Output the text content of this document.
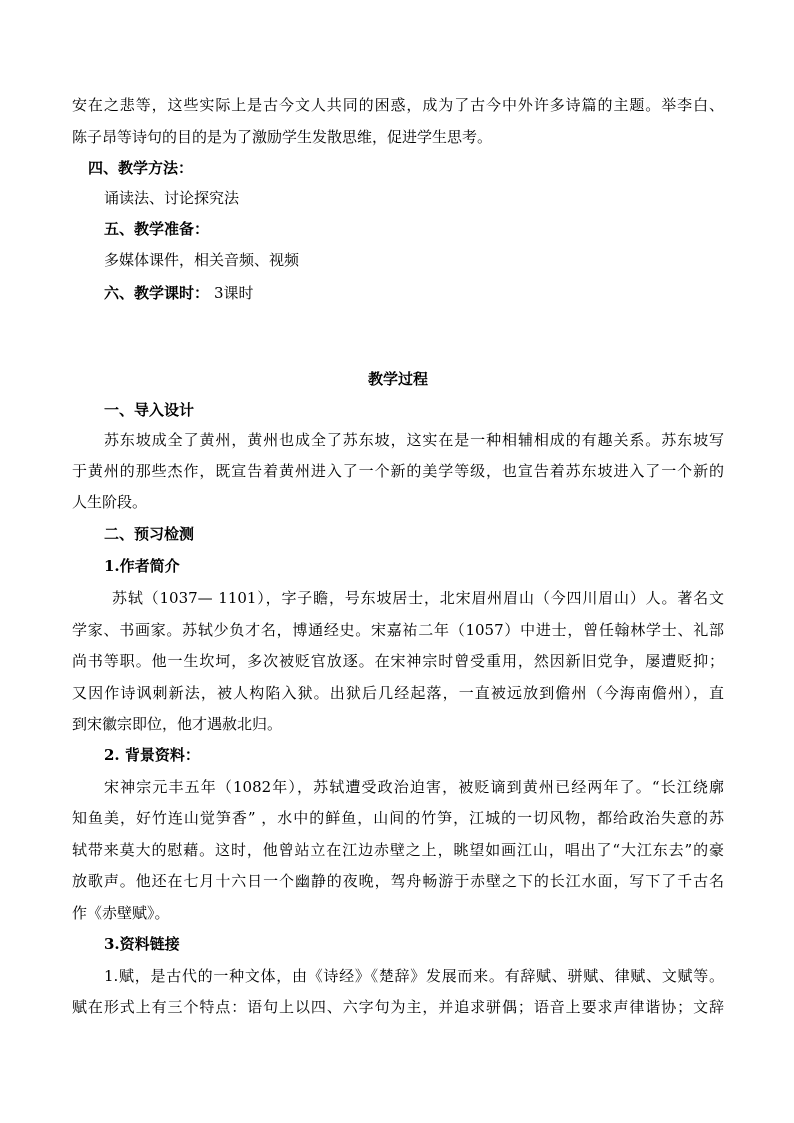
安在之悲等，这些实际上是古今文人共同的困惑，成为了古今中外许多诗篇的主题。举李白、
陈子昂等诗句的目的是为了激励学生发散思维，促进学生思考。
四、教学方法：
诵读法、讨论探究法
五、教学准备：
多媒体课件，相关音频、视频
六、教学课时： 3课时
教学过程
一、导入设计
苏东坡成全了黄州，黄州也成全了苏东坡，这实在是一种相辅相成的有趣关系。苏东坡写
于黄州的那些杰作，既宣告着黄州进入了一个新的美学等级，也宣告着苏东坡进入了一个新的
人生阶段。
二、预习检测
1.作者简介
苏轼（1037— 1101），字子瞻，号东坡居士，北宋眉州眉山（今四川眉山）人。著名文
学家、书画家。苏轼少负才名，博通经史。宋嘉祐二年（1057）中进士，曾任翰林学士、礼部
尚书等职。他一生坎坷，多次被贬官放逐。在宋神宗时曾受重用，然因新旧党争，屡遭贬抑；
又因作诗讽刺新法，被人构陷入狱。出狱后几经起落，一直被远放到儋州（今海南儋州），直
到宋徽宗即位，他才遇赦北归。
2. 背景资料：
宋神宗元丰五年（1082年），苏轼遭受政治迫害，被贬谪到黄州已经两年了。“长江绕廓
知鱼美，好竹连山觉笋香” ，水中的鲜鱼，山间的竹笋，江城的一切风物，都给政治失意的苏
轼带来莫大的慰藉。这时，他曾站立在江边赤壁之上，眺望如画江山，唱出了“大江东去”的豪
放歌声。他还在七月十六日一个幽静的夜晚，驾舟畅游于赤壁之下的长江水面，写下了千古名
作《赤壁赋》。
3.资料链接
1.赋，是古代的一种文体，由《诗经》《楚辞》发展而来。有辞赋、骈赋、律赋、文赋等。
赋在形式上有三个特点：语句上以四、六字句为主，并追求骈偶；语音上要求声律谐协；文辞
